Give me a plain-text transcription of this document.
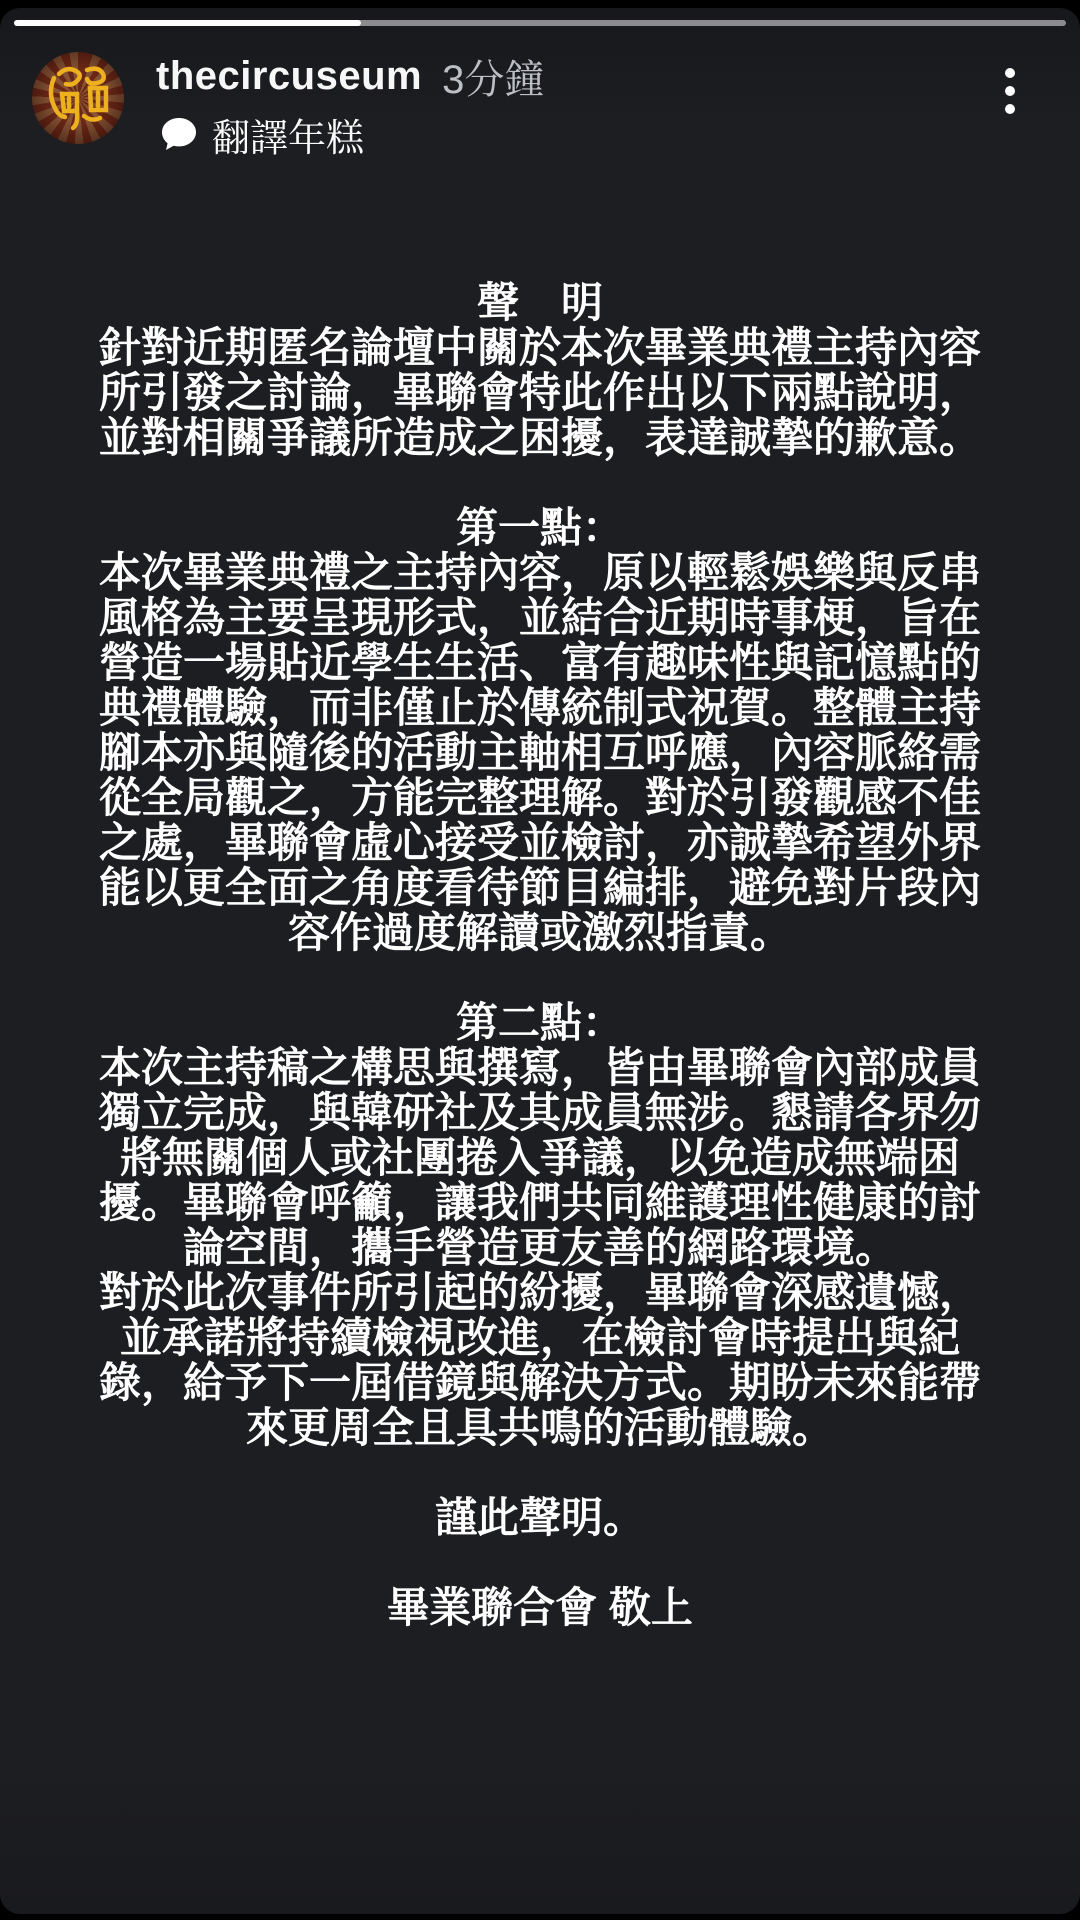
thecircuseum 3分鐘
翻譯年糕
聲　明
針對近期匿名論壇中關於本次畢業典禮主持內容
所引發之討論，畢聯會特此作出以下兩點說明，
並對相關爭議所造成之困擾，表達誠摯的歉意。
第一點：
本次畢業典禮之主持內容，原以輕鬆娛樂與反串
風格為主要呈現形式，並結合近期時事梗，旨在
營造一場貼近學生生活、富有趣味性與記憶點的
典禮體驗，而非僅止於傳統制式祝賀。整體主持
腳本亦與隨後的活動主軸相互呼應，內容脈絡需
從全局觀之，方能完整理解。對於引發觀感不佳
之處，畢聯會虛心接受並檢討，亦誠摯希望外界
能以更全面之角度看待節目編排，避免對片段內
容作過度解讀或激烈指責。
第二點：
本次主持稿之構思與撰寫，皆由畢聯會內部成員
獨立完成，與韓研社及其成員無涉。懇請各界勿
將無關個人或社團捲入爭議，以免造成無端困
擾。畢聯會呼籲，讓我們共同維護理性健康的討
論空間，攜手營造更友善的網路環境。
對於此次事件所引起的紛擾，畢聯會深感遺憾，
並承諾將持續檢視改進，在檢討會時提出與紀
錄，給予下一屆借鏡與解決方式。期盼未來能帶
來更周全且具共鳴的活動體驗。
謹此聲明。
畢業聯合會 敬上
